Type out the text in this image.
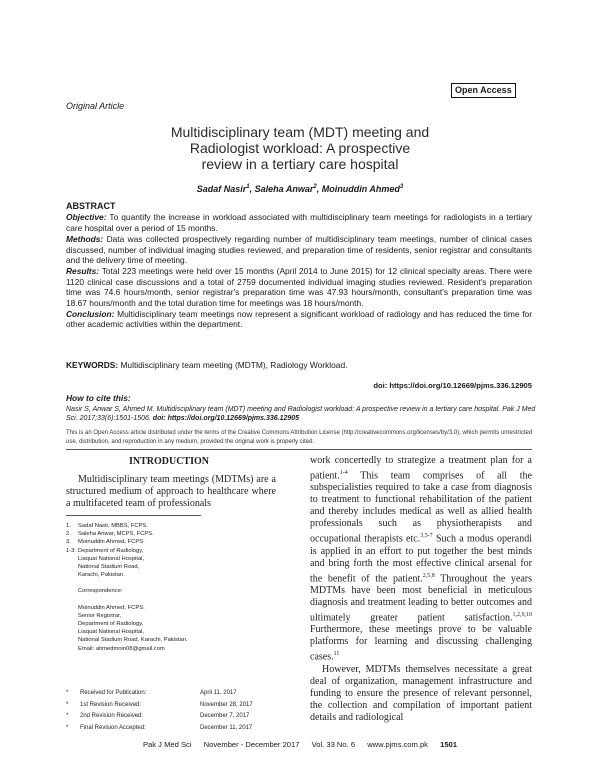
Open Access
Original Article
Multidisciplinary team (MDT) meeting and
Radiologist workload: A prospective
review in a tertiary care hospital
Sadaf Nasir$^1$, Saleha Anwar$^2$, Moinuddin Ahmed$^3$
ABSTRACT

Objective: To quantify the increase in workload associated with multidisciplinary team meetings for radiologists in a tertiary care hospital over a period of 15 months.

Methods: Data was collected prospectively regarding number of multidisciplinary team meetings, number of clinical cases discussed, number of individual imaging studies reviewed, and preparation time of residents, senior registrar and consultants and the delivery time of meeting.

Results: Total 223 meetings were held over 15 months (April 2014 to June 2015) for 12 clinical specialty areas. There were 1120 clinical case discussions and a total of 2759 documented individual imaging studies reviewed. Resident's preparation time was 74.6 hours/month, senior registrar's preparation time was 47.93 hours/month, consultant's preparation time was 18.67 hours/month and the total duration time for meetings was 18 hours/month.

Conclusion: Multidisciplinary team meetings now represent a significant workload of radiology and has reduced the time for other academic activities within the department.

KEYWORDS: Multidisciplinary team meeting (MDTM), Radiology Workload.
doi: https://doi.org/10.12669/pjms.336.12905
How to cite this:
Nasir S, Anwar S, Ahmed M. Multidisciplinary team (MDT) meeting and Radiologist workload: A prospective review in a tertiary care hospital. Pak J Med Sci. 2017;33(6):1501-1506. doi: https://doi.org/10.12669/pjms.336.12905
This is an Open Access article distributed under the terms of the Creative Commons Attribution License (http://creativecommons.org/licenses/by/3.0), which permits unrestricted use, distribution, and reproduction in any medium, provided the original work is properly cited.
INTRODUCTION

Multidisciplinary team meetings (MDTMs) are a structured medium of approach to healthcare where a multifaceted team of professionals

work concertedly to strategize a treatment plan for a patient.$^{1-4}$ This team comprises of all the subspecialisties required to take a case from diagnosis to treatment to functional rehabilitation of the patient and thereby includes medical as well as allied health professionals such as physiotherapists and occupational therapists etc.$^{3,5-7}$ Such a modus operandi is applied in an effort to put together the best minds and bring forth the most effective clinical arsenal for the benefit of the patient.$^{2,5,8}$ Throughout the years MDTMs have been most beneficial in meticulous diagnosis and treatment leading to better outcomes and ultimately greater patient satisfaction.$^{1,2,9,10}$ Furthermore, these meetings prove to be valuable platforms for learning and discussing challenging cases.$^{11}$

However, MDTMs themselves necessitate a great deal of organization, management infrastructure and funding to ensure the presence of relevant personnel, the collection and compilation of important patient details and radiological

1.	Sadaf Nasir, MBBS, FCPS.
2.	Saleha Anwar, MCPS, FCPS.
3.	Moinuddin Ahmed, FCPS.
1-3: Department of Radiology,
Liaquat National Hospital,
National Stadium Road,
Karachi, Pakistan.
Correspondence:
Moinuddin Ahmed, FCPS.
Senior Registrar,
Department of Radiology,
Liaquat National Hospital,
National Stadium Road, Karachi, Pakistan.
Email: ahmedmoin08@gmail.com
*	Received for Publication:	April 11, 2017
*	1st Revision Received:	November 28, 2017
*	2nd Revision Received:	December 7, 2017
*	Final Revision Accepted:	December 11, 2017
Pak J Med Sci November - December 2017 Vol. 33 No. 6 www.pjms.com.pk 1501
